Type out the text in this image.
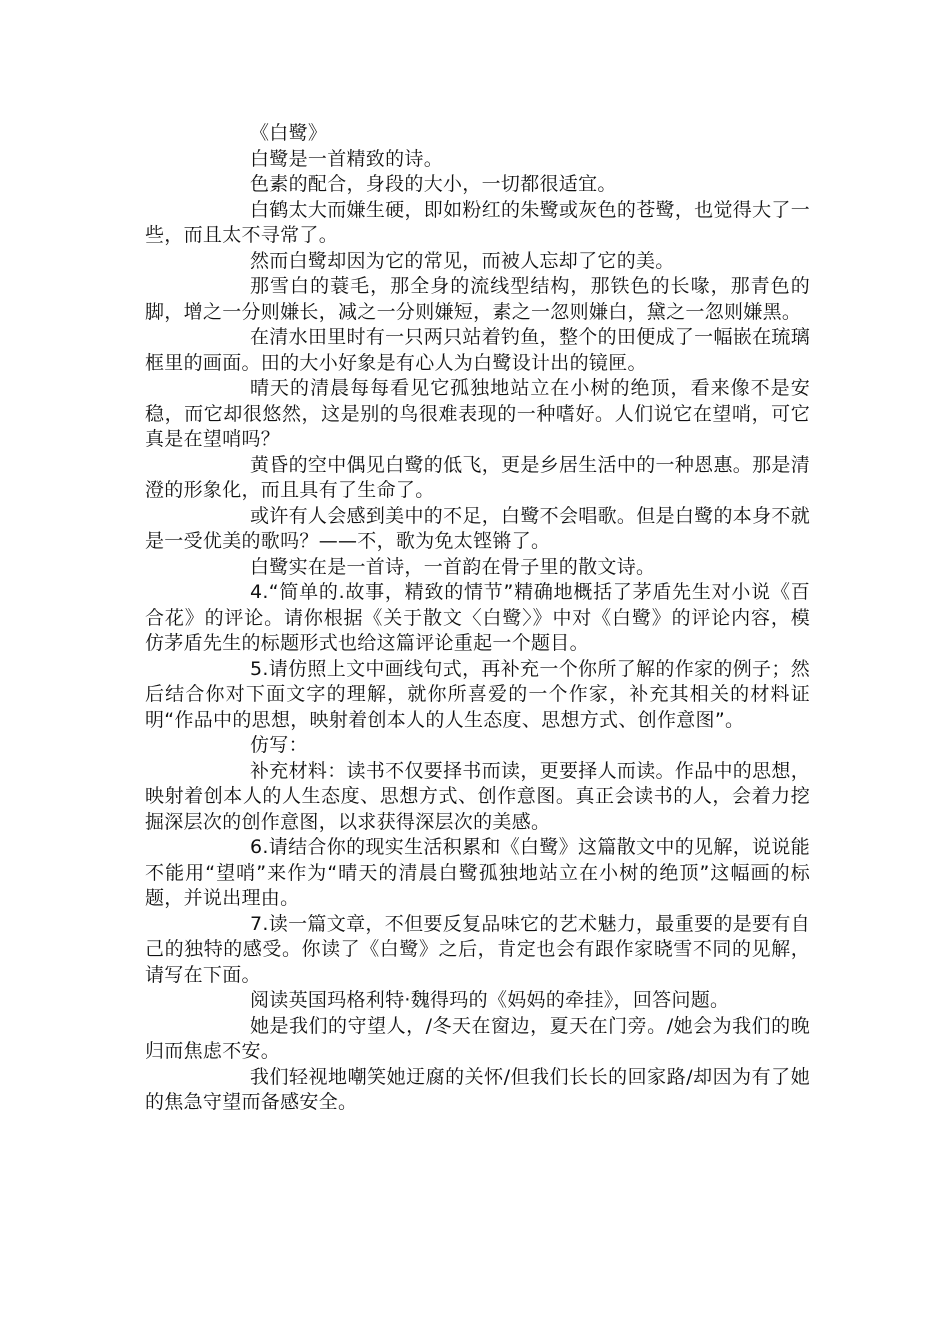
《白鹭》

白鹭是一首精致的诗。

色素的配合，身段的大小，一切都很适宜。

白鹤太大而嫌生硬，即如粉红的朱鹭或灰色的苍鹭，也觉得大了一些，而且太不寻常了。

然而白鹭却因为它的常见，而被人忘却了它的美。

那雪白的蓑毛，那全身的流线型结构，那铁色的长喙，那青色的脚，增之一分则嫌长，减之一分则嫌短，素之一忽则嫌白，黛之一忽则嫌黑。

在清水田里时有一只两只站着钓鱼，整个的田便成了一幅嵌在琉璃框里的画面。田的大小好象是有心人为白鹭设计出的镜匣。

晴天的清晨每每看见它孤独地站立在小树的绝顶，看来像不是安稳，而它却很悠然，这是别的鸟很难表现的一种嗜好。人们说它在望哨，可它真是在望哨吗？

黄昏的空中偶见白鹭的低飞，更是乡居生活中的一种恩惠。那是清澄的形象化，而且具有了生命了。

或许有人会感到美中的不足，白鹭不会唱歌。但是白鹭的本身不就是一受优美的歌吗？——不，歌为免太铿锵了。

白鹭实在是一首诗，一首韵在骨子里的散文诗。

4.“简单的.故事，精致的情节”精确地概括了茅盾先生对小说《百合花》的评论。请你根据《关于散文〈白鹭〉》中对《白鹭》的评论内容，模仿茅盾先生的标题形式也给这篇评论重起一个题目。

5.请仿照上文中画线句式，再补充一个你所了解的作家的例子；然后结合你对下面文字的理解，就你所喜爱的一个作家，补充其相关的材料证明“作品中的思想，映射着创本人的人生态度、思想方式、创作意图”。

仿写：

补充材料：读书不仅要择书而读，更要择人而读。作品中的思想，映射着创本人的人生态度、思想方式、创作意图。真正会读书的人，会着力挖掘深层次的创作意图，以求获得深层次的美感。

6.请结合你的现实生活积累和《白鹭》这篇散文中的见解，说说能不能用“望哨”来作为“晴天的清晨白鹭孤独地站立在小树的绝顶”这幅画的标题，并说出理由。

7.读一篇文章，不但要反复品味它的艺术魅力，最重要的是要有自己的独特的感受。你读了《白鹭》之后，肯定也会有跟作家晓雪不同的见解，请写在下面。

阅读英国玛格利特·魏得玛的《妈妈的牵挂》，回答问题。

她是我们的守望人，/冬天在窗边，夏天在门旁。/她会为我们的晚归而焦虑不安。

我们轻视地嘲笑她迂腐的关怀/但我们长长的回家路/却因为有了她的焦急守望而备感安全。
